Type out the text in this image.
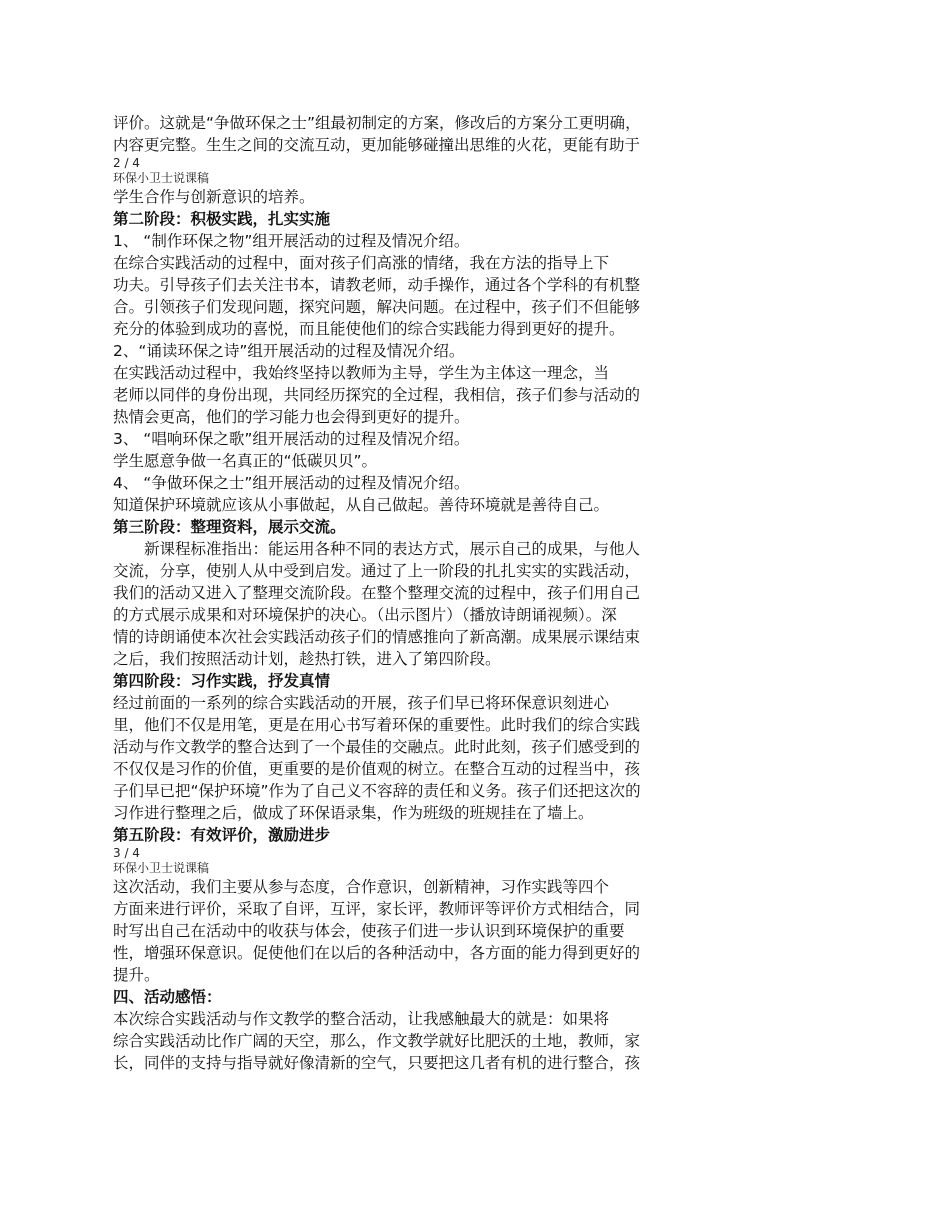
评价。这就是“争做环保之士”组最初制定的方案，修改后的方案分工更明确，
内容更完整。生生之间的交流互动，更加能够碰撞出思维的火花，更能有助于
2 / 4
环保小卫士说课稿
学生合作与创新意识的培养。
第二阶段：积极实践，扎实实施
1、 “制作环保之物”组开展活动的过程及情况介绍。
在综合实践活动的过程中，面对孩子们高涨的情绪，我在方法的指导上下
功夫。引导孩子们去关注书本，请教老师，动手操作，通过各个学科的有机整
合。引领孩子们发现问题，探究问题，解决问题。在过程中，孩子们不但能够
充分的体验到成功的喜悦，而且能使他们的综合实践能力得到更好的提升。
2、“诵读环保之诗”组开展活动的过程及情况介绍。
在实践活动过程中，我始终坚持以教师为主导，学生为主体这一理念，当
老师以同伴的身份出现，共同经历探究的全过程，我相信，孩子们参与活动的
热情会更高，他们的学习能力也会得到更好的提升。
3、 “唱响环保之歌”组开展活动的过程及情况介绍。
学生愿意争做一名真正的“低碳贝贝”。
4、 “争做环保之士”组开展活动的过程及情况介绍。
知道保护环境就应该从小事做起，从自己做起。善待环境就是善待自己。
第三阶段：整理资料，展示交流。
新课程标准指出：能运用各种不同的表达方式，展示自己的成果，与他人
交流，分享，使别人从中受到启发。通过了上一阶段的扎扎实实的实践活动，
我们的活动又进入了整理交流阶段。在整个整理交流的过程中，孩子们用自己
的方式展示成果和对环境保护的决心。（出示图片）（播放诗朗诵视频）。深
情的诗朗诵使本次社会实践活动孩子们的情感推向了新高潮。成果展示课结束
之后，我们按照活动计划，趁热打铁，进入了第四阶段。
第四阶段：习作实践，抒发真情
经过前面的一系列的综合实践活动的开展，孩子们早已将环保意识刻进心
里，他们不仅是用笔，更是在用心书写着环保的重要性。此时我们的综合实践
活动与作文教学的整合达到了一个最佳的交融点。此时此刻，孩子们感受到的
不仅仅是习作的价值，更重要的是价值观的树立。在整合互动的过程当中，孩
子们早已把“保护环境”作为了自己义不容辞的责任和义务。孩子们还把这次的
习作进行整理之后，做成了环保语录集，作为班级的班规挂在了墙上。
第五阶段：有效评价，激励进步
3 / 4
环保小卫士说课稿
这次活动，我们主要从参与态度，合作意识，创新精神，习作实践等四个
方面来进行评价，采取了自评，互评，家长评，教师评等评价方式相结合，同
时写出自己在活动中的收获与体会，使孩子们进一步认识到环境保护的重要
性，增强环保意识。促使他们在以后的各种活动中，各方面的能力得到更好的
提升。
四、活动感悟：
本次综合实践活动与作文教学的整合活动，让我感触最大的就是：如果将
综合实践活动比作广阔的天空，那么，作文教学就好比肥沃的土地，教师，家
长，同伴的支持与指导就好像清新的空气，只要把这几者有机的进行整合，孩
